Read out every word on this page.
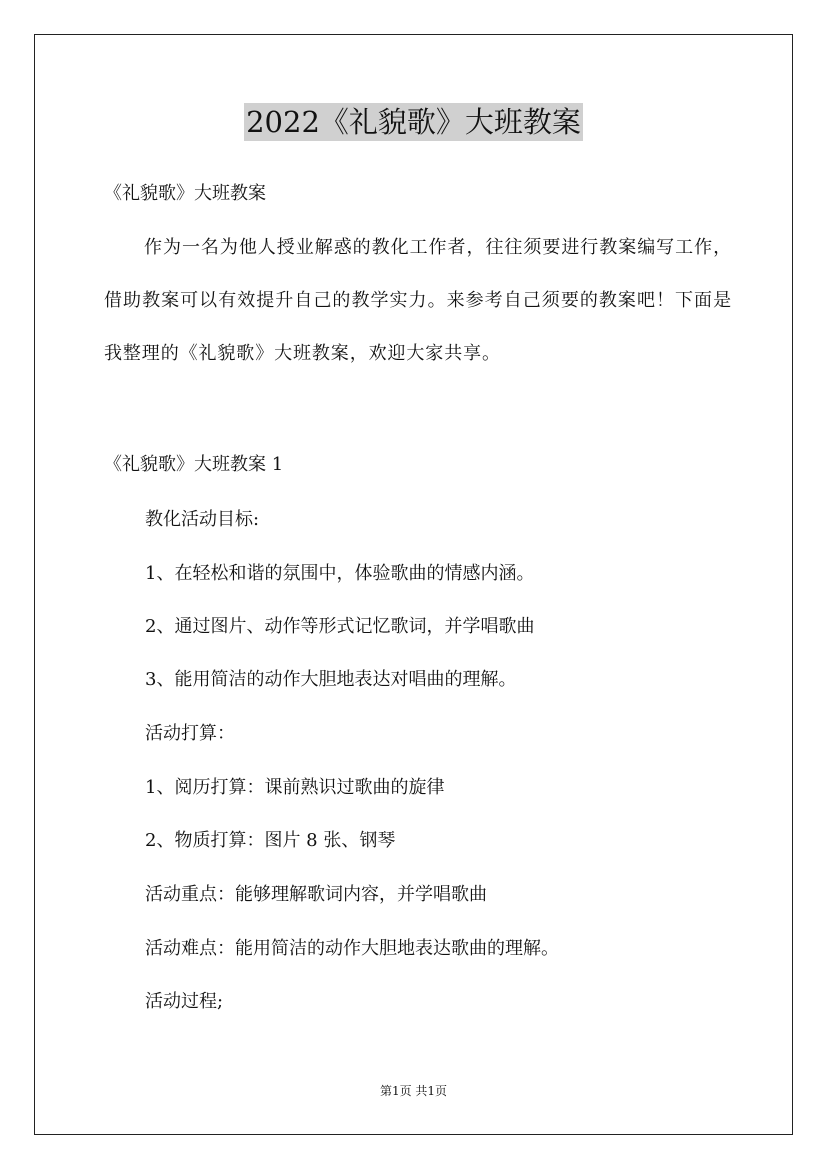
2022《礼貌歌》大班教案
《礼貌歌》大班教案
作为一名为他人授业解惑的教化工作者，往往须要进行教案编写工作，借助教案可以有效提升自己的教学实力。来参考自己须要的教案吧！下面是我整理的《礼貌歌》大班教案，欢迎大家共享。
《礼貌歌》大班教案 1
教化活动目标:
1、在轻松和谐的氛围中，体验歌曲的情感内涵。
2、通过图片、动作等形式记忆歌词，并学唱歌曲
3、能用简洁的动作大胆地表达对唱曲的理解。
活动打算：
1、阅历打算：课前熟识过歌曲的旋律
2、物质打算：图片 8 张、钢琴
活动重点：能够理解歌词内容，并学唱歌曲
活动难点：能用简洁的动作大胆地表达歌曲的理解。
活动过程;
第1页 共1页
